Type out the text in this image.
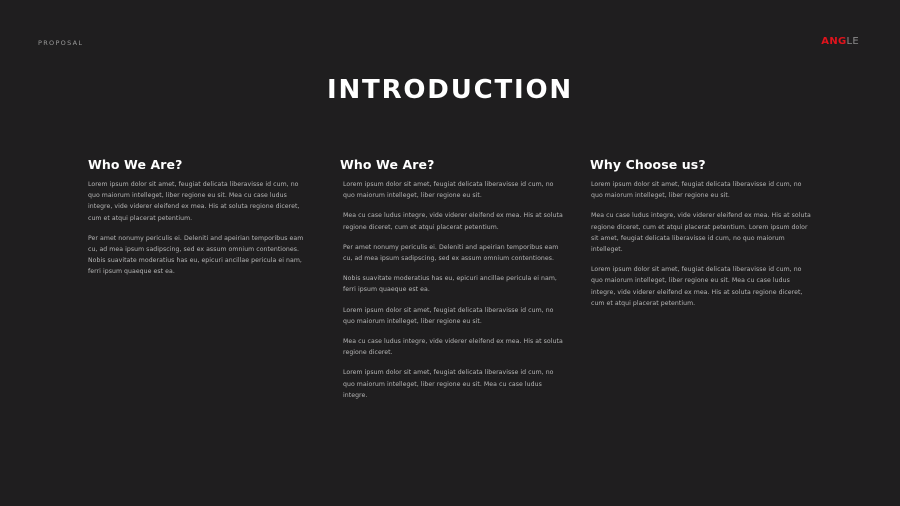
PROPOSAL	ANGLE
INTRODUCTION
Who We Are?

Lorem ipsum dolor sit amet, feugiat delicata liberavisse id cum, no quo maiorum intelleget, liber regione eu sit. Mea cu case ludus integre, vide viderer eleifend ex mea. His at soluta regione diceret, cum et atqui placerat petentium.

Per amet nonumy periculis ei. Deleniti and apeirian temporibus eam cu, ad mea ipsum sadipscing, sed ex assum omnium contentiones. Nobis suavitate moderatius has eu, epicuri ancillae pericula ei nam, ferri ipsum quaeque est ea.

Who We Are?

Lorem ipsum dolor sit amet, feugiat delicata liberavisse id cum, no quo maiorum intelleget, liber regione eu sit.

Mea cu case ludus integre, vide viderer eleifend ex mea. His at soluta regione diceret, cum et atqui placerat petentium.

Per amet nonumy periculis ei. Deleniti and apeirian temporibus eam cu, ad mea ipsum sadipscing, sed ex assum omnium contentiones.

Nobis suavitate moderatius has eu, epicuri ancillae pericula ei nam, ferri ipsum quaeque est ea.

Lorem ipsum dolor sit amet, feugiat delicata liberavisse id cum, no quo maiorum intelleget, liber regione eu sit.

Mea cu case ludus integre, vide viderer eleifend ex mea. His at soluta regione diceret.

Lorem ipsum dolor sit amet, feugiat delicata liberavisse id cum, no quo maiorum intelleget, liber regione eu sit. Mea cu case ludus integre.

Why Choose us?

Lorem ipsum dolor sit amet, feugiat delicata liberavisse id cum, no quo maiorum intelleget, liber regione eu sit.

Mea cu case ludus integre, vide viderer eleifend ex mea. His at soluta regione diceret, cum et atqui placerat petentium. Lorem ipsum dolor sit amet, feugiat delicata liberavisse id cum, no quo maiorum intelleget.

Lorem ipsum dolor sit amet, feugiat delicata liberavisse id cum, no quo maiorum intelleget, liber regione eu sit. Mea cu case ludus integre, vide viderer eleifend ex mea. His at soluta regione diceret, cum et atqui placerat petentium.
